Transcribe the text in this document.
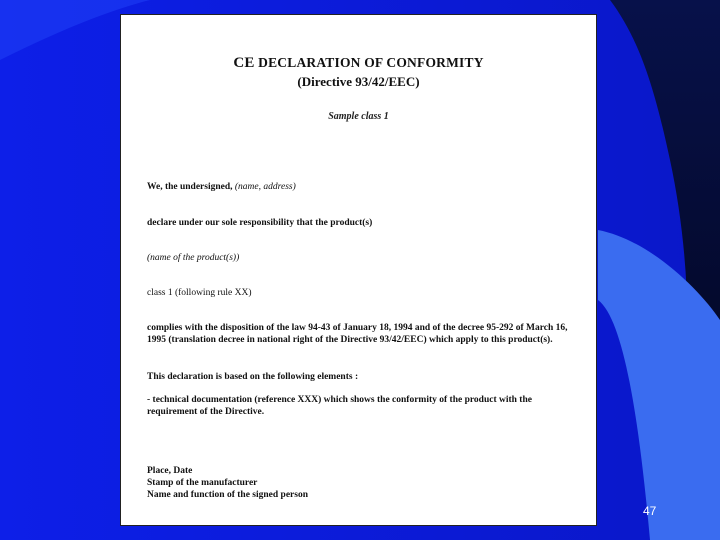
CE DECLARATION OF CONFORMITY
(Directive 93/42/EEC)
Sample class 1
We, the undersigned, (name, address)
declare under our sole responsibility that the product(s)
(name of the product(s))
class 1 (following rule XX)
complies with the disposition of the law 94-43 of January 18, 1994 and of the decree 95-292 of March 16, 1995 (translation decree in national right of the Directive 93/42/EEC) which apply to this product(s).
This declaration is based on the following elements :
- technical documentation (reference XXX) which shows the conformity of the product with the requirement of the Directive.
Place, Date
Stamp of the manufacturer
Name and function of the signed person
47
